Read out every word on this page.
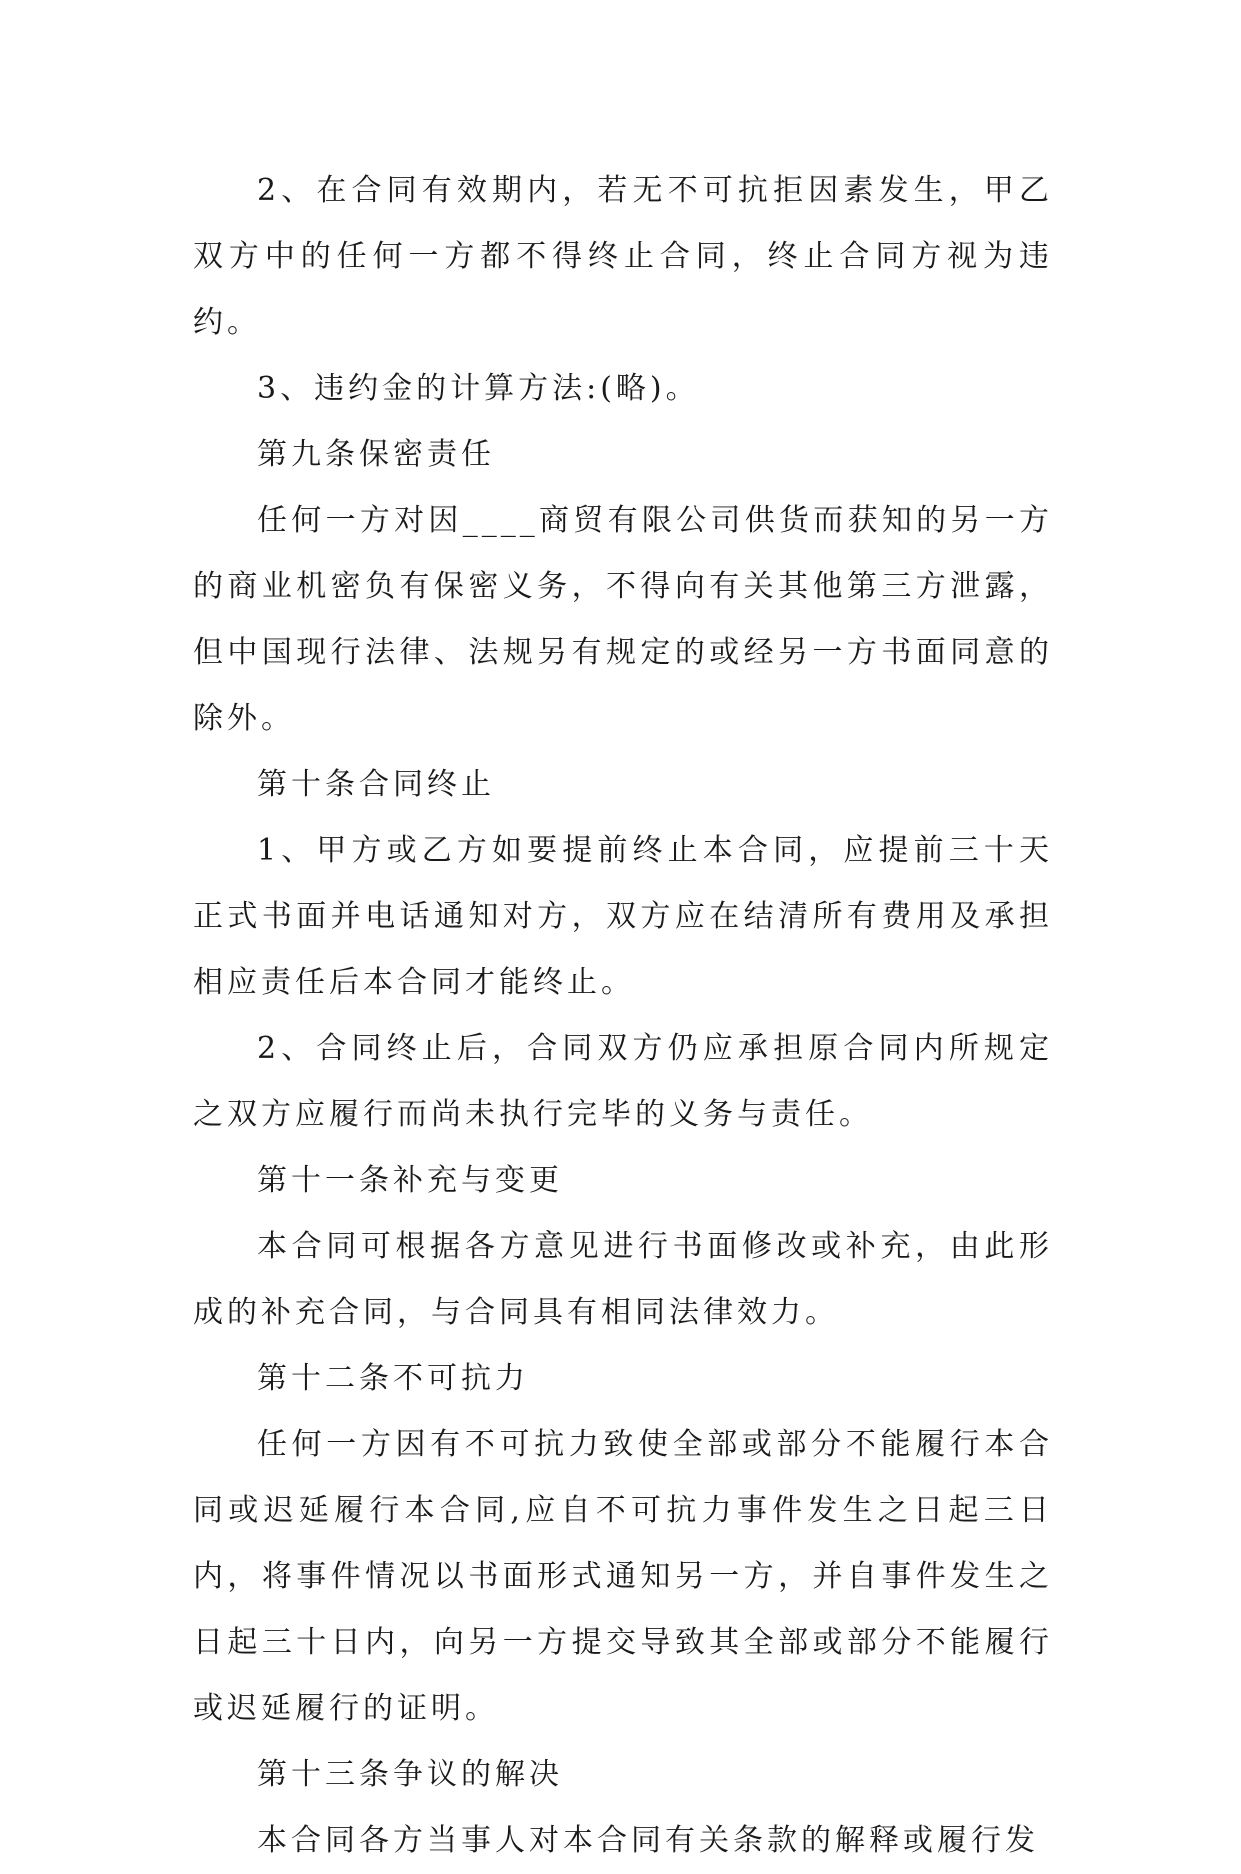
2、在合同有效期内，若无不可抗拒因素发生，甲乙双方中的任何一方都不得终止合同，终止合同方视为违约。

3、违约金的计算方法:(略)。

第九条保密责任

任何一方对因____商贸有限公司供货而获知的另一方的商业机密负有保密义务，不得向有关其他第三方泄露，但中国现行法律、法规另有规定的或经另一方书面同意的除外。

第十条合同终止

1、甲方或乙方如要提前终止本合同，应提前三十天正式书面并电话通知对方，双方应在结清所有费用及承担相应责任后本合同才能终止。

2、合同终止后，合同双方仍应承担原合同内所规定之双方应履行而尚未执行完毕的义务与责任。

第十一条补充与变更

本合同可根据各方意见进行书面修改或补充，由此形成的补充合同，与合同具有相同法律效力。

第十二条不可抗力

任何一方因有不可抗力致使全部或部分不能履行本合同或迟延履行本合同,应自不可抗力事件发生之日起三日内，将事件情况以书面形式通知另一方，并自事件发生之日起三十日内，向另一方提交导致其全部或部分不能履行或迟延履行的证明。

第十三条争议的解决

本合同各方当事人对本合同有关条款的解释或履行发
